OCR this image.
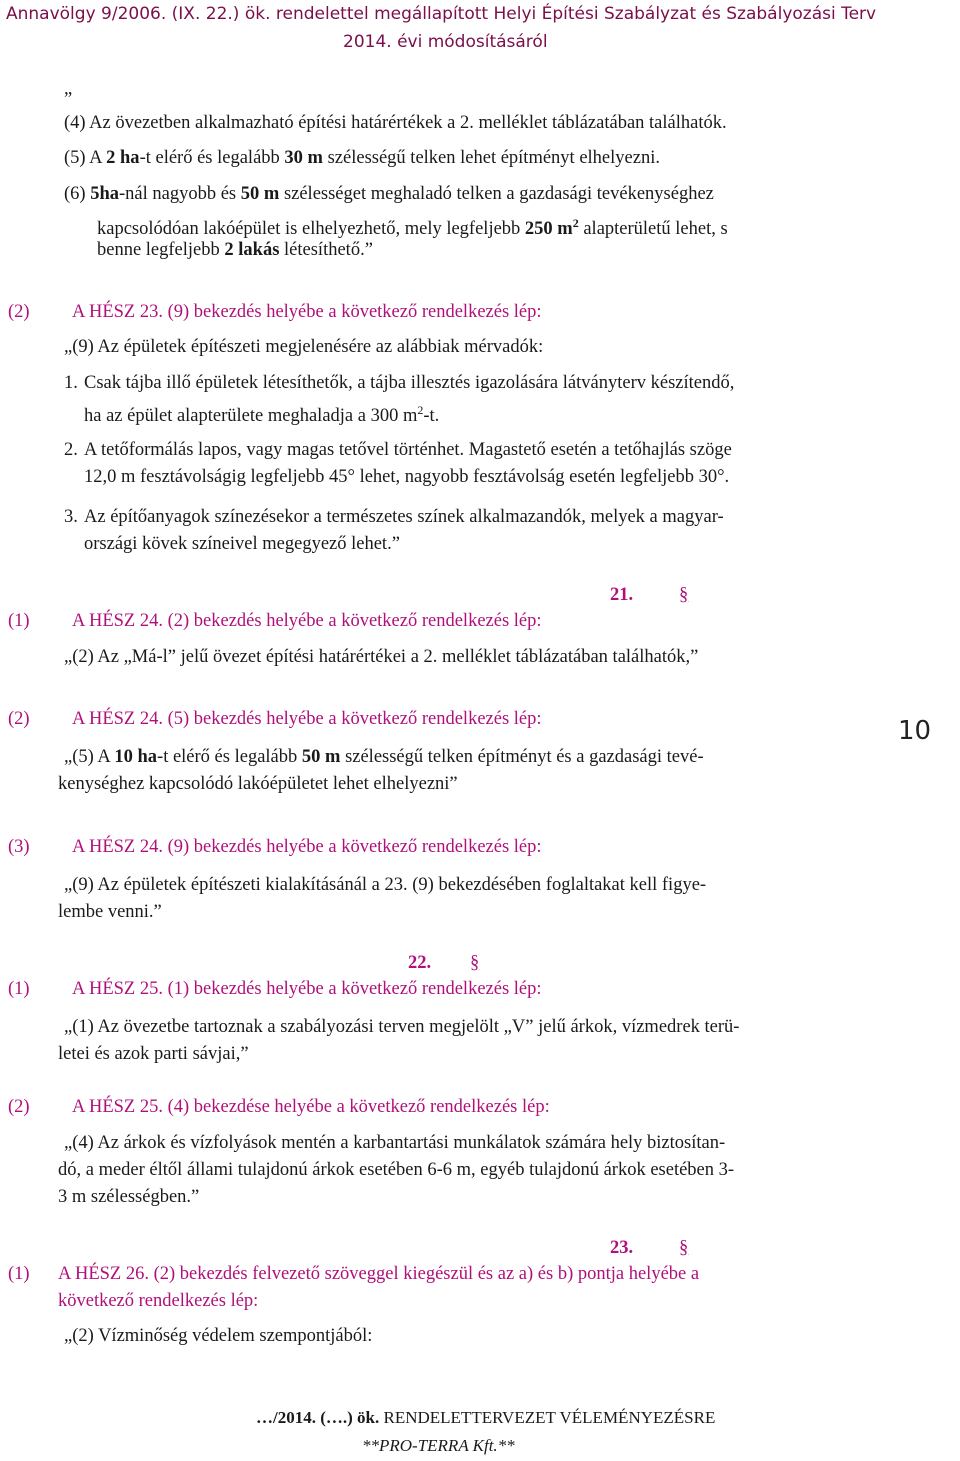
Annavölgy 9/2006. (IX. 22.) ök. rendelettel megállapított Helyi Építési Szabályzat és Szabályozási Terv
2014. évi módosításáról
„
(4) Az övezetben alkalmazható építési határértékek a 2. melléklet táblázatában találhatók.
(5) A 2 ha-t elérő és legalább 30 m szélességű telken lehet építményt elhelyezni.
(6) 5ha-nál nagyobb és 50 m szélességet meghaladó telken a gazdasági tevékenységhez
kapcsolódóan lakóépület is elhelyezhető, mely legfeljebb 250 $m^2$ alapterületű lehet, s
benne legfeljebb 2 lakás létesíthető.”
(2) A HÉSZ 23. (9) bekezdés helyébe a következő rendelkezés lép:
„(9) Az épületek építészeti megjelenésére az alábbiak mérvadók:
1. Csak tájba illő épületek létesíthetők, a tájba illesztés igazolására látványterv készítendő,
ha az épület alapterülete meghaladja a 300 $m^2-t$.
2. A tetőformálás lapos, vagy magas tetővel történhet. Magastető esetén a tetőhajlás szöge
12,0 m fesztávolságig legfeljebb 45° lehet, nagyobb fesztávolság esetén legfeljebb 30°.
3. Az építőanyagok színezésekor a természetes színek alkalmazandók, melyek a magyar-
országi kövek színeivel megegyező lehet.”
21. §
(1) A HÉSZ 24. (2) bekezdés helyébe a következő rendelkezés lép:
„(2) Az „Má-l” jelű övezet építési határértékei a 2. melléklet táblázatában találhatók,”
(2) A HÉSZ 24. (5) bekezdés helyébe a következő rendelkezés lép:
„(5) A 10 ha-t elérő és legalább 50 m szélességű telken építményt és a gazdasági tevé-
kenységhez kapcsolódó lakóépületet lehet elhelyezni”
10
(3) A HÉSZ 24. (9) bekezdés helyébe a következő rendelkezés lép:
„(9) Az épületek építészeti kialakításánál a 23. (9) bekezdésében foglaltakat kell figye-
lembe venni.”
22. §
(1) A HÉSZ 25. (1) bekezdés helyébe a következő rendelkezés lép:
„(1) Az övezetbe tartoznak a szabályozási terven megjelölt „V” jelű árkok, vízmedrek terü-
letei és azok parti sávjai,”
(2) A HÉSZ 25. (4) bekezdése helyébe a következő rendelkezés lép:
„(4) Az árkok és vízfolyások mentén a karbantartási munkálatok számára hely biztosítan-
dó, a meder éltől állami tulajdonú árkok esetében 6-6 m, egyéb tulajdonú árkok esetében 3-
3 m szélességben.”
23. §
(1) A HÉSZ 26. (2) bekezdés felvezető szöveggel kiegészül és az a) és b) pontja helyébe a
következő rendelkezés lép:
„(2) Vízminőség védelem szempontjából:
…/2014. (….) ök. RENDELETTERVEZET VÉLEMÉNYEZÉSRE
**PRO-TERRA Kft.**
